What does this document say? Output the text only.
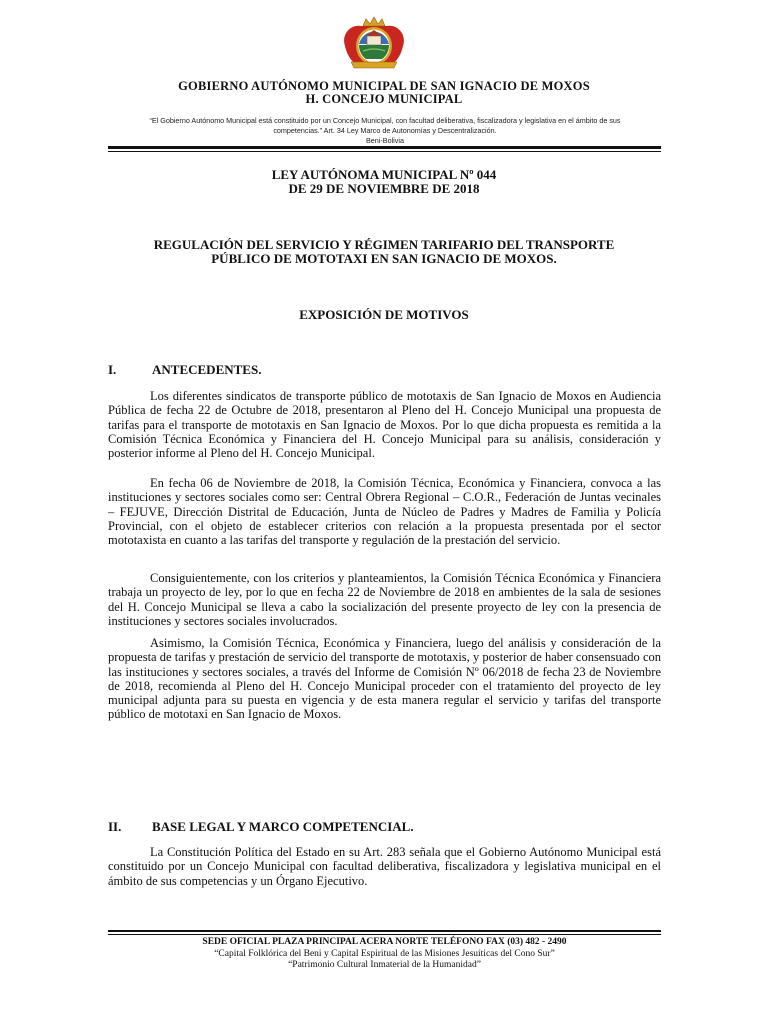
GOBIERNO AUTÓNOMO MUNICIPAL DE SAN IGNACIO DE MOXOS
H. CONCEJO MUNICIPAL
“El Gobierno Autónomo Municipal está constituido por un Concejo Municipal, con facultad deliberativa, fiscalizadora y legislativa en el ámbito de sus
competencias.” Art. 34 Ley Marco de Autonomías y Descentralización.
Beni-Bolivia
LEY AUTÓNOMA MUNICIPAL Nº 044
DE 29 DE NOVIEMBRE DE 2018
REGULACIÓN DEL SERVICIO Y RÉGIMEN TARIFARIO DEL TRANSPORTE
PÚBLICO DE MOTOTAXI EN SAN IGNACIO DE MOXOS.
EXPOSICIÓN DE MOTIVOS
I.	ANTECEDENTES.

Los diferentes sindicatos de transporte público de mototaxis de San Ignacio de Moxos en Audiencia Pública de fecha 22 de Octubre de 2018, presentaron al Pleno del H. Concejo Municipal una propuesta de tarifas para el transporte de mototaxis en San Ignacio de Moxos. Por lo que dicha propuesta es remitida a la Comisión Técnica Económica y Financiera del H. Concejo Municipal para su análisis, consideración y posterior informe al Pleno del H. Concejo Municipal.

En fecha 06 de Noviembre de 2018, la Comisión Técnica, Económica y Financiera, convoca a las instituciones y sectores sociales como ser: Central Obrera Regional – C.O.R., Federación de Juntas vecinales – FEJUVE, Dirección Distrital de Educación, Junta de Núcleo de Padres y Madres de Familia y Policía Provincial, con el objeto de establecer criterios con relación a la propuesta presentada por el sector mototaxista en cuanto a las tarifas del transporte y regulación de la prestación del servicio.

Consiguientemente, con los criterios y planteamientos, la Comisión Técnica Económica y Financiera trabaja un proyecto de ley, por lo que en fecha 22 de Noviembre de 2018 en ambientes de la sala de sesiones del H. Concejo Municipal se lleva a cabo la socialización del presente proyecto de ley con la presencia de instituciones y sectores sociales involucrados.

Asimismo, la Comisión Técnica, Económica y Financiera, luego del análisis y consideración de la propuesta de tarifas y prestación de servicio del transporte de mototaxis, y posterior de haber consensuado con las instituciones y sectores sociales, a través del Informe de Comisión Nº 06/2018 de fecha 23 de Noviembre de 2018, recomienda al Pleno del H. Concejo Municipal proceder con el tratamiento del proyecto de ley municipal adjunta para su puesta en vigencia y de esta manera regular el servicio y tarifas del transporte público de mototaxi en San Ignacio de Moxos.

II. BASE LEGAL Y MARCO COMPETENCIAL.

La Constitución Política del Estado en su Art. 283 señala que el Gobierno Autónomo Municipal está constituido por un Concejo Municipal con facultad deliberativa, fiscalizadora y legislativa municipal en el ámbito de sus competencias y un Órgano Ejecutivo.

SEDE OFICIAL PLAZA PRINCIPAL ACERA NORTE TELÉFONO FAX (03) 482 - 2490
“Capital Folklórica del Beni y Capital Espiritual de las Misiones Jesuíticas del Cono Sur”
“Patrimonio Cultural Inmaterial de la Humanidad”
